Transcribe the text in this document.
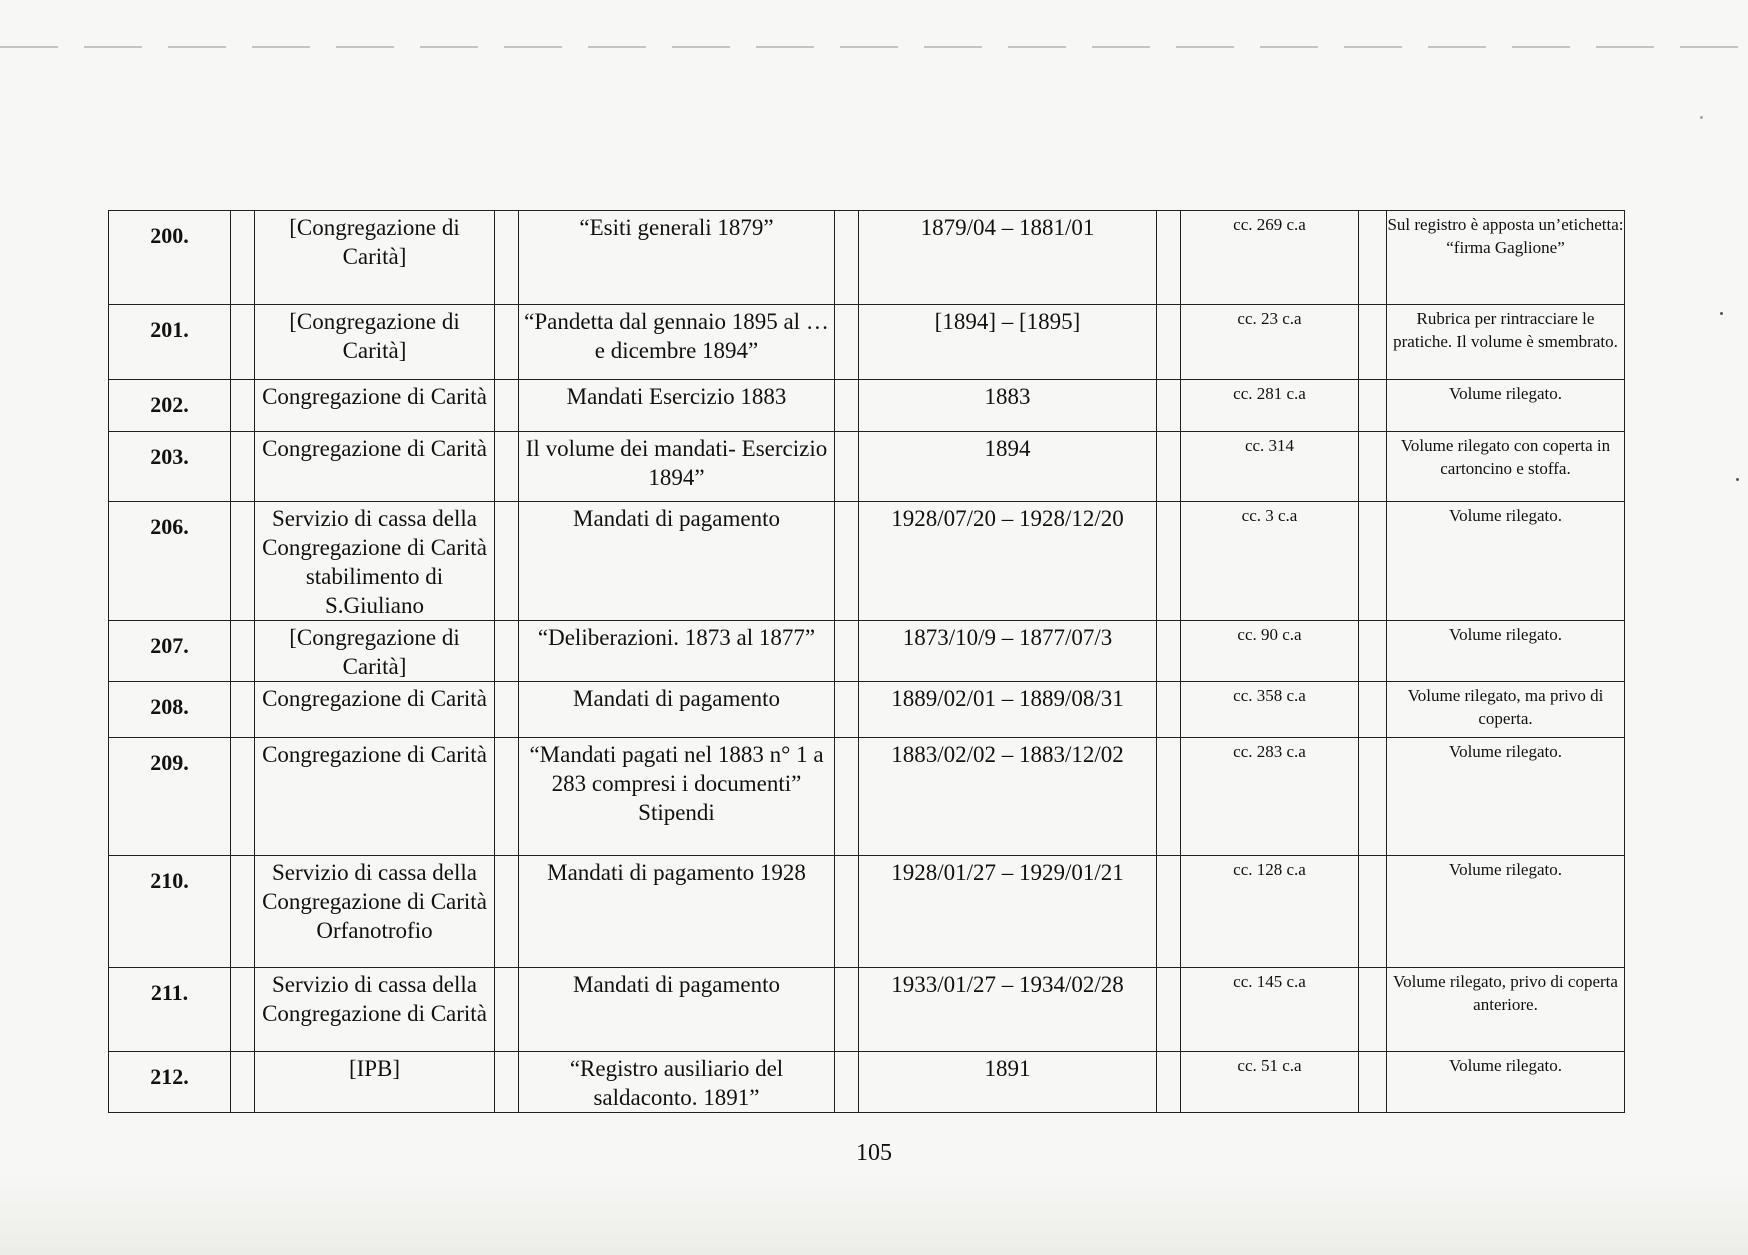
200.		[Congregazione di Carità]		“Esiti generali 1879”		1879/04 – 1881/01		cc. 269 c.a		Sul registro è apposta un’etichetta: “firma Gaglione”
201.		[Congregazione di Carità]		“Pandetta dal gennaio 1895 al … e dicembre 1894”		[1894] – [1895]		cc. 23 c.a		Rubrica per rintracciare le pratiche. Il volume è smembrato.
202.		Congregazione di Carità		Mandati Esercizio 1883		1883		cc. 281 c.a		Volume rilegato.
203.		Congregazione di Carità		Il volume dei mandati- Esercizio 1894”		1894		cc. 314		Volume rilegato con coperta in cartoncino e stoffa.
206.		Servizio di cassa della Congregazione di Carità stabilimento di S.Giuliano		Mandati di pagamento		1928/07/20 – 1928/12/20		cc. 3 c.a		Volume rilegato.
207.		[Congregazione di Carità]		“Deliberazioni. 1873 al 1877”		1873/10/9 – 1877/07/3		cc. 90 c.a		Volume rilegato.
208.		Congregazione di Carità		Mandati di pagamento		1889/02/01 – 1889/08/31		cc. 358 c.a		Volume rilegato, ma privo di coperta.
209.		Congregazione di Carità		“Mandati pagati nel 1883 n° 1 a 283 compresi i documenti” Stipendi		1883/02/02 – 1883/12/02		cc. 283 c.a		Volume rilegato.
210.		Servizio di cassa della Congregazione di Carità Orfanotrofio		Mandati di pagamento 1928		1928/01/27 – 1929/01/21		cc. 128 c.a		Volume rilegato.
211.		Servizio di cassa della Congregazione di Carità		Mandati di pagamento		1933/01/27 – 1934/02/28		cc. 145 c.a		Volume rilegato, privo di coperta anteriore.
212.		[IPB]		“Registro ausiliario del saldaconto. 1891”		1891		cc. 51 c.a		Volume rilegato.
105
